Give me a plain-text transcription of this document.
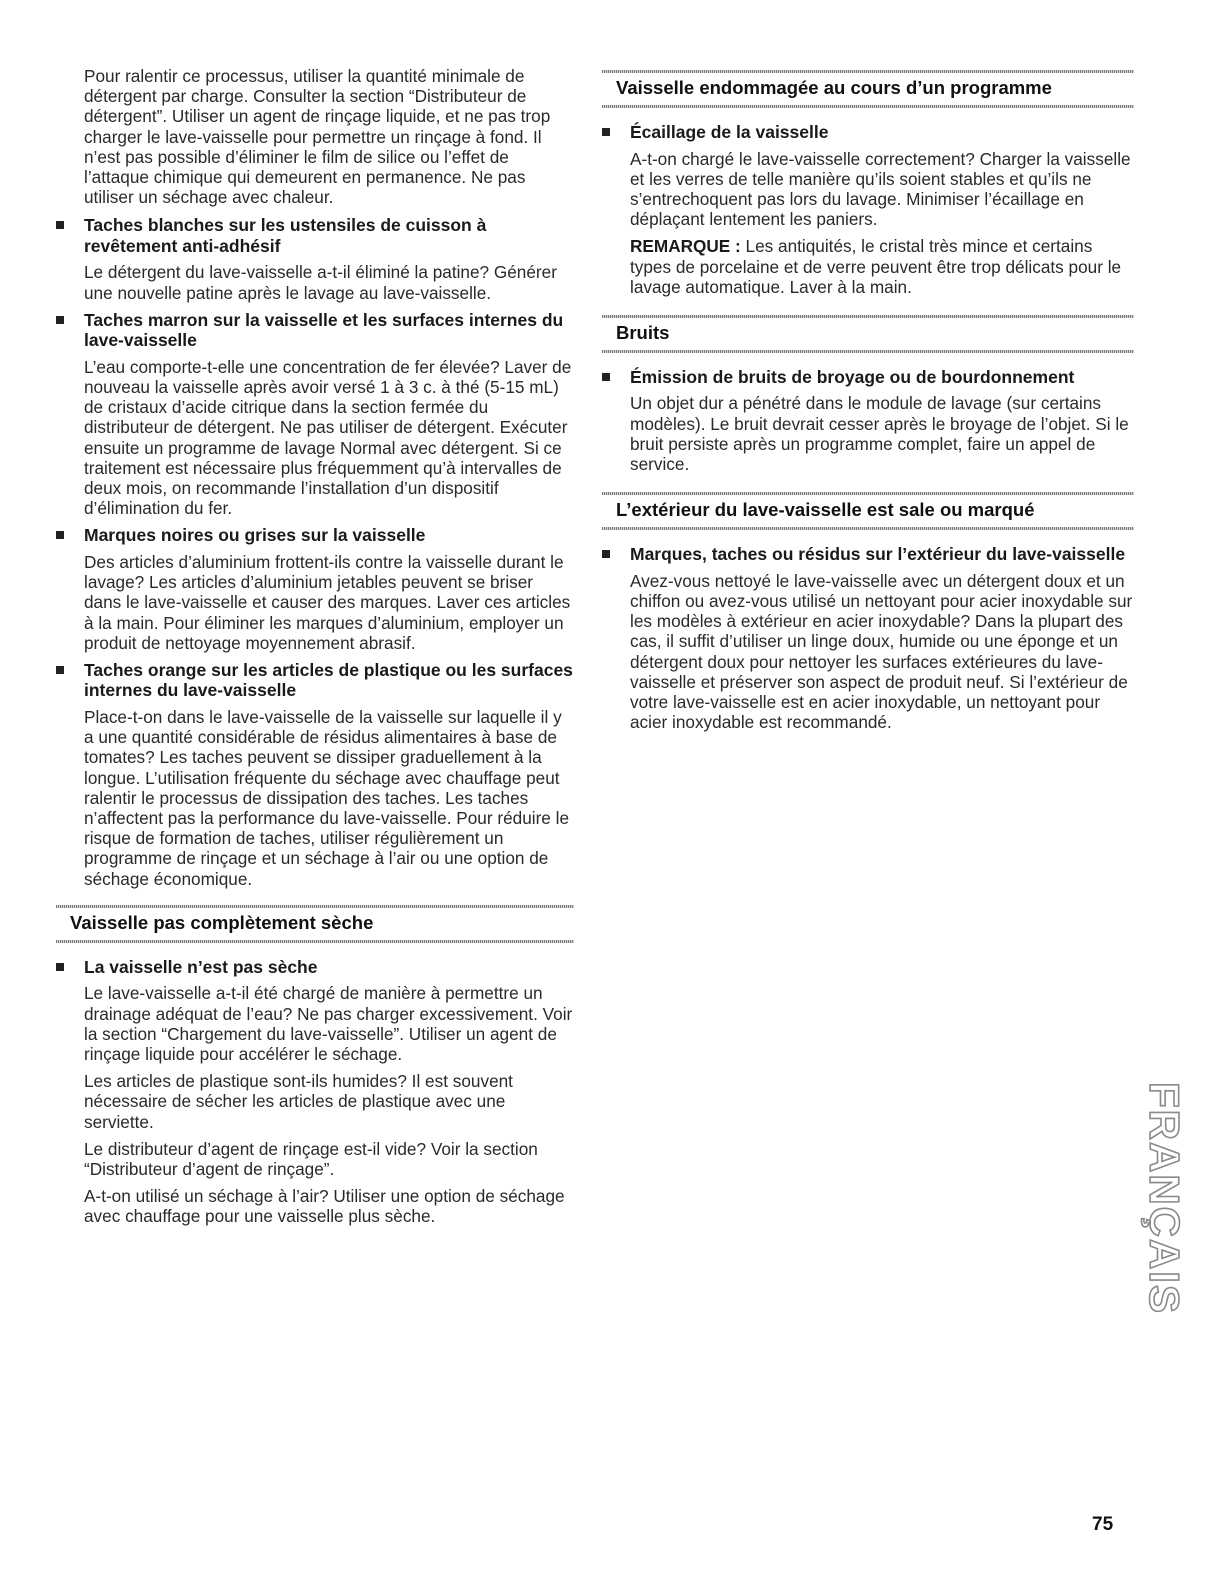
Pour ralentir ce processus, utiliser la quantité minimale de détergent par charge. Consulter la section “Distributeur de détergent”. Utiliser un agent de rinçage liquide, et ne pas trop charger le lave-vaisselle pour permettre un rinçage à fond. Il n’est pas possible d’éliminer le film de silice ou l’effet de l’attaque chimique qui demeurent en permanence. Ne pas utiliser un séchage avec chaleur.

Taches blanches sur les ustensiles de cuisson à revêtement anti-adhésif

Le détergent du lave-vaisselle a-t-il éliminé la patine? Générer une nouvelle patine après le lavage au lave-vaisselle.

Taches marron sur la vaisselle et les surfaces internes du lave-vaisselle

L’eau comporte-t-elle une concentration de fer élevée? Laver de nouveau la vaisselle après avoir versé 1 à 3 c. à thé (5-15 mL) de cristaux d’acide citrique dans la section fermée du distributeur de détergent. Ne pas utiliser de détergent. Exécuter ensuite un programme de lavage Normal avec détergent. Si ce traitement est nécessaire plus fréquemment qu’à intervalles de deux mois, on recommande l’installation d’un dispositif d’élimination du fer.

Marques noires ou grises sur la vaisselle

Des articles d’aluminium frottent-ils contre la vaisselle durant le lavage? Les articles d’aluminium jetables peuvent se briser dans le lave-vaisselle et causer des marques. Laver ces articles à la main. Pour éliminer les marques d’aluminium, employer un produit de nettoyage moyennement abrasif.

Taches orange sur les articles de plastique ou les surfaces internes du lave-vaisselle

Place-t-on dans le lave-vaisselle de la vaisselle sur laquelle il y a une quantité considérable de résidus alimentaires à base de tomates? Les taches peuvent se dissiper graduellement à la longue. L’utilisation fréquente du séchage avec chauffage peut ralentir le processus de dissipation des taches. Les taches n’affectent pas la performance du lave-vaisselle. Pour réduire le risque de formation de taches, utiliser régulièrement un programme de rinçage et un séchage à l’air ou une option de séchage économique.

Vaisselle pas complètement sèche
La vaisselle n’est pas sèche

Le lave-vaisselle a-t-il été chargé de manière à permettre un drainage adéquat de l’eau? Ne pas charger excessivement. Voir la section “Chargement du lave-vaisselle”. Utiliser un agent de rinçage liquide pour accélérer le séchage.

Les articles de plastique sont-ils humides? Il est souvent nécessaire de sécher les articles de plastique avec une serviette.

Le distributeur d’agent de rinçage est-il vide? Voir la section “Distributeur d’agent de rinçage”.

A-t-on utilisé un séchage à l’air? Utiliser une option de séchage avec chauffage pour une vaisselle plus sèche.

Vaisselle endommagée au cours d’un programme
Écaillage de la vaisselle

A-t-on chargé le lave-vaisselle correctement? Charger la vaisselle et les verres de telle manière qu’ils soient stables et qu’ils ne s’entrechoquent pas lors du lavage. Minimiser l’écaillage en déplaçant lentement les paniers.

REMARQUE : Les antiquités, le cristal très mince et certains types de porcelaine et de verre peuvent être trop délicats pour le lavage automatique. Laver à la main.

Bruits
Émission de bruits de broyage ou de bourdonnement

Un objet dur a pénétré dans le module de lavage (sur certains modèles). Le bruit devrait cesser après le broyage de l’objet. Si le bruit persiste après un programme complet, faire un appel de service.

L’extérieur du lave-vaisselle est sale ou marqué
Marques, taches ou résidus sur l’extérieur du lave-vaisselle

Avez-vous nettoyé le lave-vaisselle avec un détergent doux et un chiffon ou avez-vous utilisé un nettoyant pour acier inoxydable sur les modèles à extérieur en acier inoxydable? Dans la plupart des cas, il suffit d’utiliser un linge doux, humide ou une éponge et un détergent doux pour nettoyer les surfaces extérieures du lave-vaisselle et préserver son aspect de produit neuf. Si l’extérieur de votre lave-vaisselle est en acier inoxydable, un nettoyant pour acier inoxydable est recommandé.

FRANÇAIS
75
